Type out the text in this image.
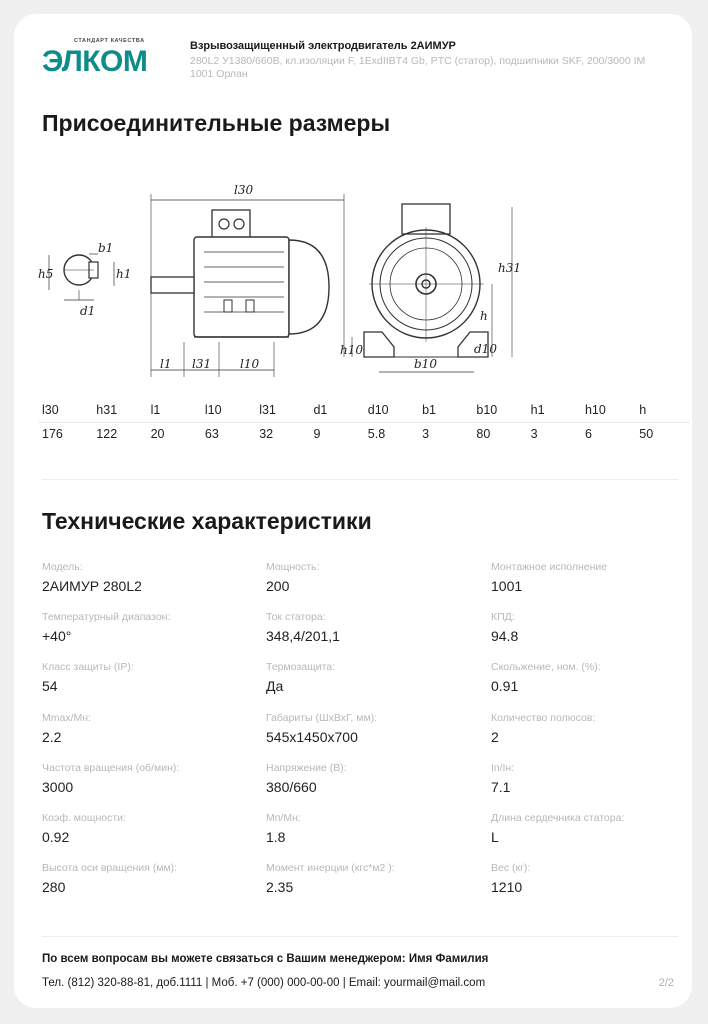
СТАНДАРТ КАЧЕСТВА
ЭЛКОМ	Взрывозащищенный электродвигатель 2АИМУР
280L2 У1380/660В, кл.изоляции F, 1ExdIIBT4 Gb, PTC (статор), подшипники SKF, 200/3000 IM 1001 Орлан
Присоединительные размеры
l30
l1 l31 l10
b1
h5	h1
d1
h31
h
h10
b10
d10
l30	h31	l1	l10	l31	d1	d10	b1	b10	h1	h10	h
176	122	20	63	32	9	5.8	3	80	3	6	50
Технические характеристики
Модель:
2АИМУР 280L2
Мощность:
200
Монтажное исполнение
1001
Температурный диапазон:
+40°
Ток статора:
348,4/201,1
КПД:
94.8
Класс защиты (IP):
54
Термозащита:
Да
Скольжение, ном. (%):
0.91
Mmax/Mн:
2.2
Габариты (ШхВхГ, мм):
545x1450x700
Количество полюсов:
2
Частота вращения (об/мин):
3000
Напряжение (В):
380/660
Iп/Iн:
7.1
Коэф. мощности:
0.92
Mп/Mн:
1.8
Длина сердечника статора:
L
Высота оси вращения (мм):
280
Момент инерции (кгс*м2 ):
2.35
Вес (кг):
1210
По всем вопросам вы можете связаться с Вашим менеджером: Имя Фамилия
Тел. (812) 320-88-81, доб.1111 | Моб. +7 (000) 000-00-00 | Email: yourmail@mail.com	2/2
